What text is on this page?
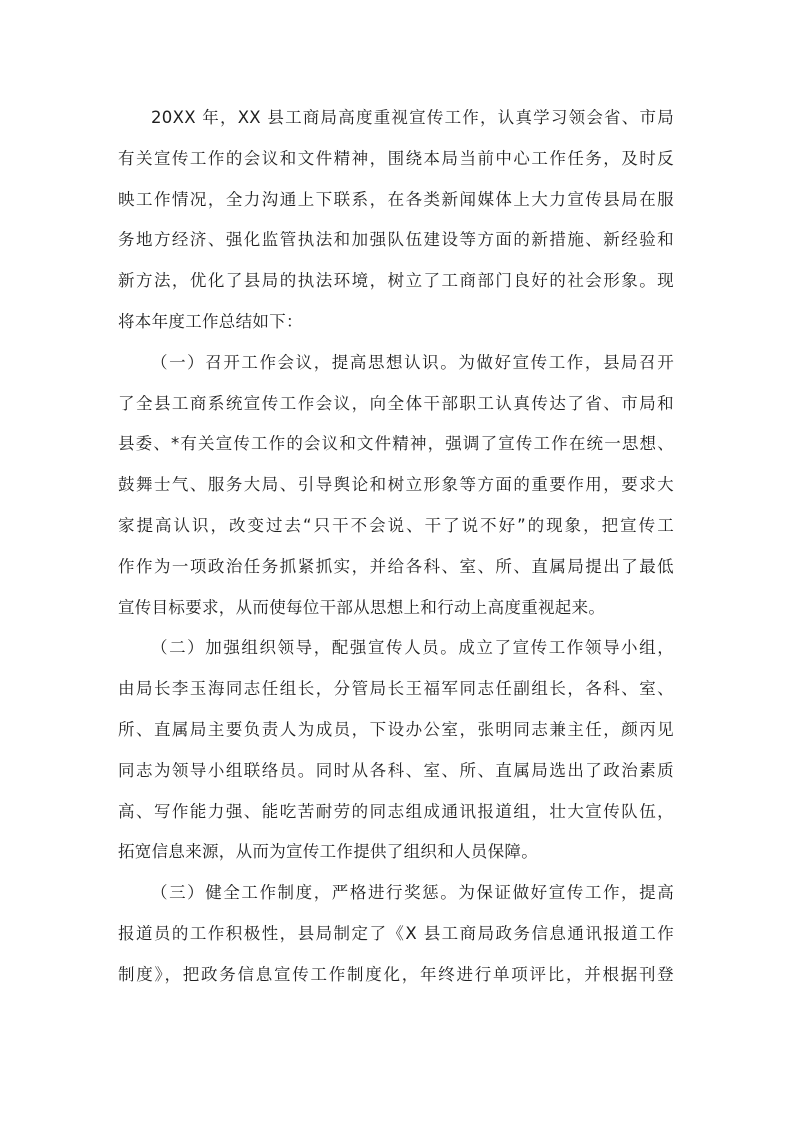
20XX 年，XX 县工商局高度重视宣传工作，认真学习领会省、市局
有关宣传工作的会议和文件精神，围绕本局当前中心工作任务，及时反
映工作情况，全力沟通上下联系，在各类新闻媒体上大力宣传县局在服
务地方经济、强化监管执法和加强队伍建设等方面的新措施、新经验和
新方法，优化了县局的执法环境，树立了工商部门良好的社会形象。现
将本年度工作总结如下：
（一）召开工作会议，提高思想认识。为做好宣传工作，县局召开
了全县工商系统宣传工作会议，向全体干部职工认真传达了省、市局和
县委、*有关宣传工作的会议和文件精神，强调了宣传工作在统一思想、
鼓舞士气、服务大局、引导舆论和树立形象等方面的重要作用，要求大
家提高认识，改变过去“只干不会说、干了说不好”的现象，把宣传工
作作为一项政治任务抓紧抓实，并给各科、室、所、直属局提出了最低
宣传目标要求，从而使每位干部从思想上和行动上高度重视起来。
（二）加强组织领导，配强宣传人员。成立了宣传工作领导小组，
由局长李玉海同志任组长，分管局长王福军同志任副组长，各科、室、
所、直属局主要负责人为成员，下设办公室，张明同志兼主任，颜丙见
同志为领导小组联络员。同时从各科、室、所、直属局选出了政治素质
高、写作能力强、能吃苦耐劳的同志组成通讯报道组，壮大宣传队伍，
拓宽信息来源，从而为宣传工作提供了组织和人员保障。
（三）健全工作制度，严格进行奖惩。为保证做好宣传工作，提高
报道员的工作积极性，县局制定了《X 县工商局政务信息通讯报道工作
制度》，把政务信息宣传工作制度化，年终进行单项评比，并根据刊登
